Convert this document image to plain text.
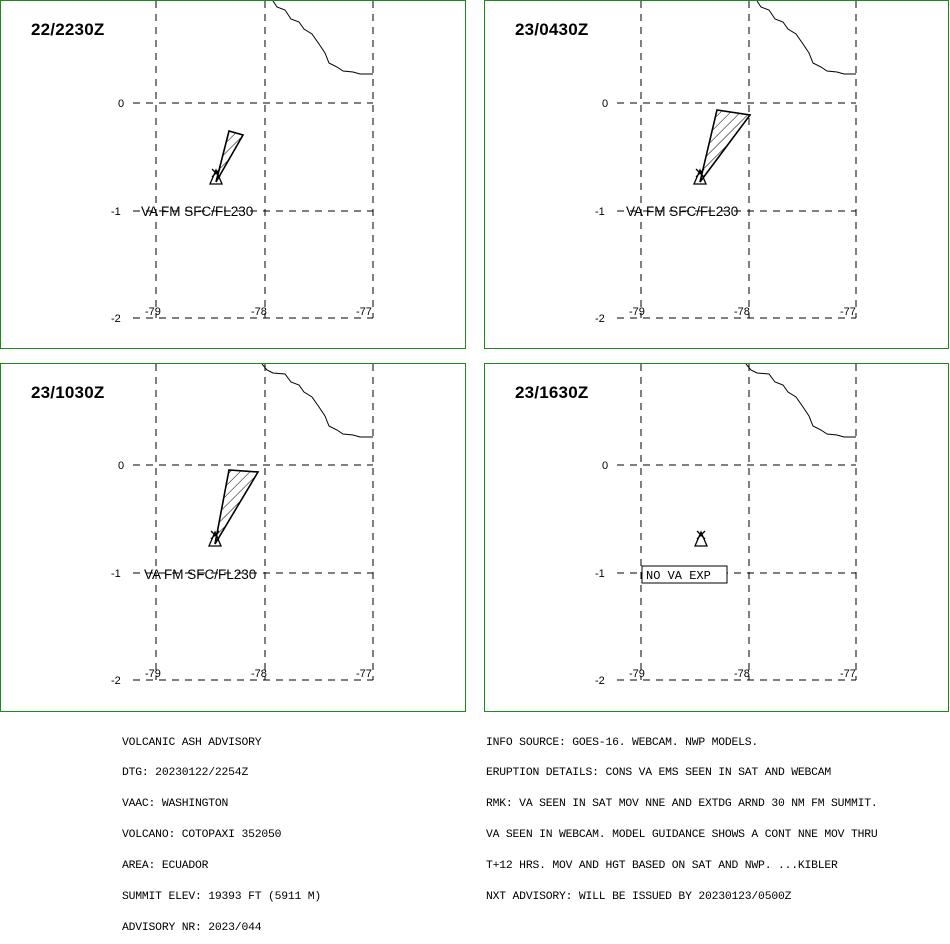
0
-1
-2
-79	-78	-77
VA FM SFC/FL230
22/2230Z
0
-1
-2
-79	-78	-77
VA FM SFC/FL230
23/0430Z
0
-1
-2
-79	-78	-77
VA FM SFC/FL230
23/1030Z
0
-1
-2
-79	-78	-77
NO VA EXP
23/1630Z

VOLCANIC ASH ADVISORY

DTG: 20230122/2254Z

VAAC: WASHINGTON

VOLCANO: COTOPAXI 352050

AREA: ECUADOR

SUMMIT ELEV: 19393 FT (5911 M)

ADVISORY NR: 2023/044

INFO SOURCE: GOES-16. WEBCAM. NWP MODELS.

ERUPTION DETAILS: CONS VA EMS SEEN IN SAT AND WEBCAM

RMK: VA SEEN IN SAT MOV NNE AND EXTDG ARND 30 NM FM SUMMIT.

VA SEEN IN WEBCAM. MODEL GUIDANCE SHOWS A CONT NNE MOV THRU

T+12 HRS. MOV AND HGT BASED ON SAT AND NWP. ...KIBLER

NXT ADVISORY: WILL BE ISSUED BY 20230123/0500Z
